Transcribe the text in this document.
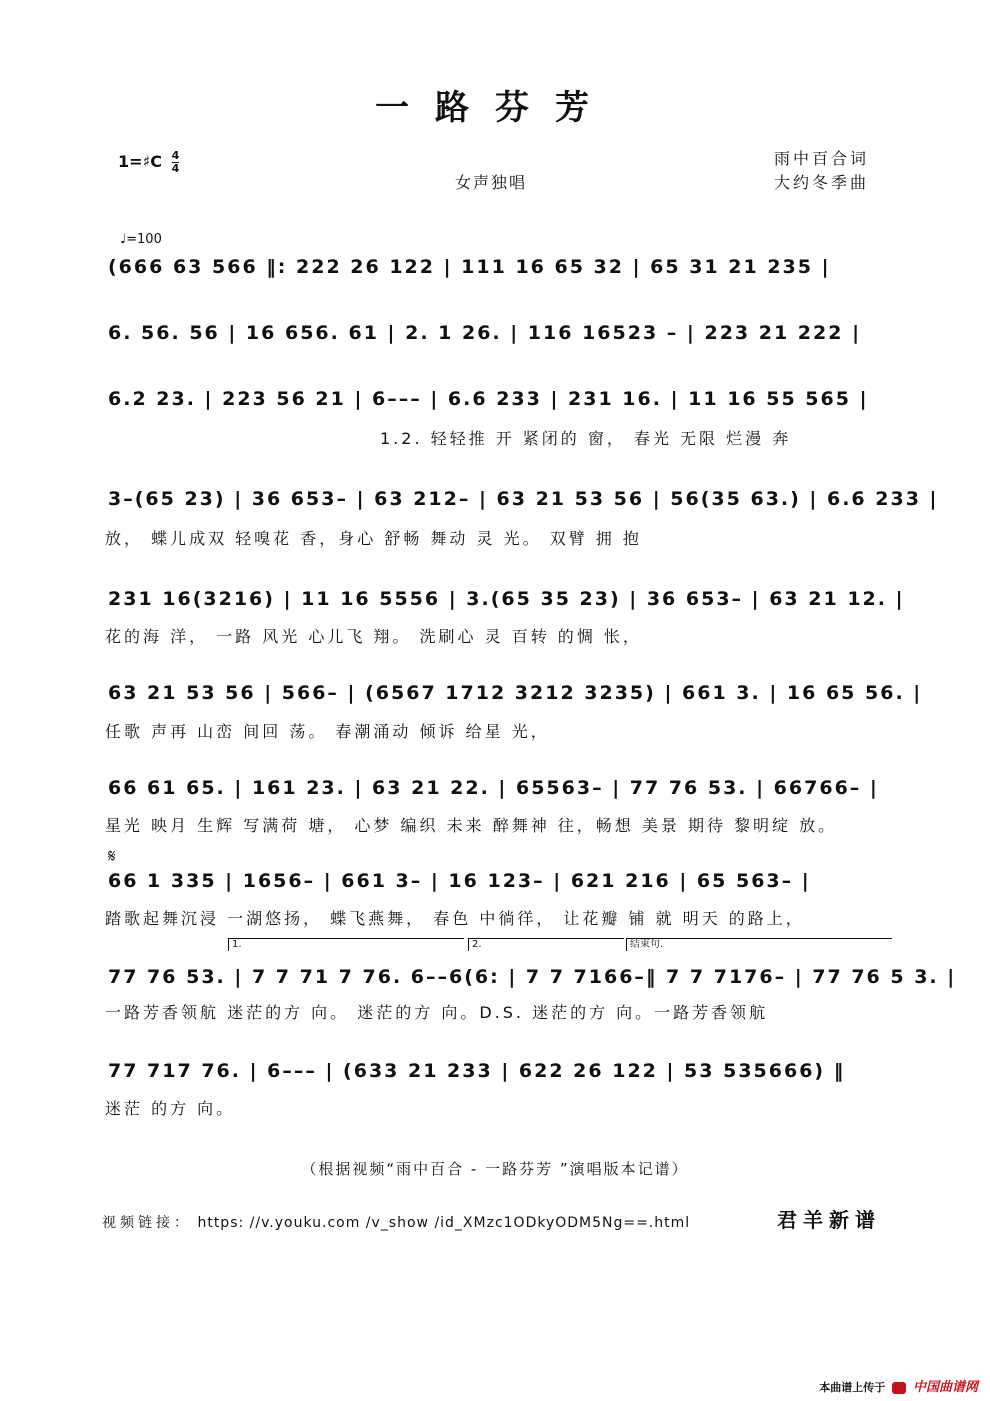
一路芬芳
1=♯C $\frac{4}{4}$
女声独唱
雨中百合词
大约冬季曲
♩=100
(666 63 566 ‖: 222 26 122 | 111 16 65 32 | 65 31 21 235 |
6. 56. 56 | 16 656. 61 | 2. 1 26. | 116 16523 – | 223 21 222 |
6.2 23. | 223 56 21 | 6––– | 6.6 233 | 231 16. | 11 16 55 565 |
1.2. 轻轻推 开 紧闭的 窗， 春光 无限 烂漫 奔
3–(65 23) | 36 653– | 63 212– | 63 21 53 56 | 56(35 63.) | 6.6 233 |
放， 蝶儿成双 轻嗅花 香，身心 舒畅 舞动 灵 光。 双臂 拥 抱
231 16(3216) | 11 16 5556 | 3.(65 35 23) | 36 653– | 63 21 12. |
花的海 洋， 一路 风光 心儿飞 翔。 洗刷心 灵 百转 的惆 怅，
63 21 53 56 | 566– | (6567 1712 3212 3235) | 661 3. | 16 65 56. |
任歌 声再 山峦 间回 荡。 春潮涌动 倾诉 给星 光，
66 61 65. | 161 23. | 63 21 22. | 65563– | 77 76 53. | 66766– |
星光 映月 生辉 写满荷 塘， 心梦 编织 未来 醉舞神 往，畅想 美景 期待 黎明绽 放。
𝄋
66 1 335 | 1656– | 661 3– | 16 123– | 621 216 | 65 563– |
踏歌起舞沉浸 一湖悠扬， 蝶飞燕舞， 春色 中徜徉， 让花瓣 铺 就 明天 的路上，
1.	2.	结束句.
77 76 53. | 7 7 71 7 76. 6––6(6: | 7 7 7166–‖ 7 7 7176– | 77 76 5 3. |
一路芳香领航 迷茫的方 向。 迷茫的方 向。D.S. 迷茫的方 向。一路芳香领航
77 717 76. | 6––– | (633 21 233 | 622 26 122 | 53 535666) ‖
迷茫 的方 向。
（根据视频“雨中百合 - 一路芬芳 ”演唱版本记谱）
视频链接： https: //v.youku.com /v_show /id_XMzc1ODkyODM5Ng==.html	君羊新谱
本曲谱上传于 中国曲谱网
